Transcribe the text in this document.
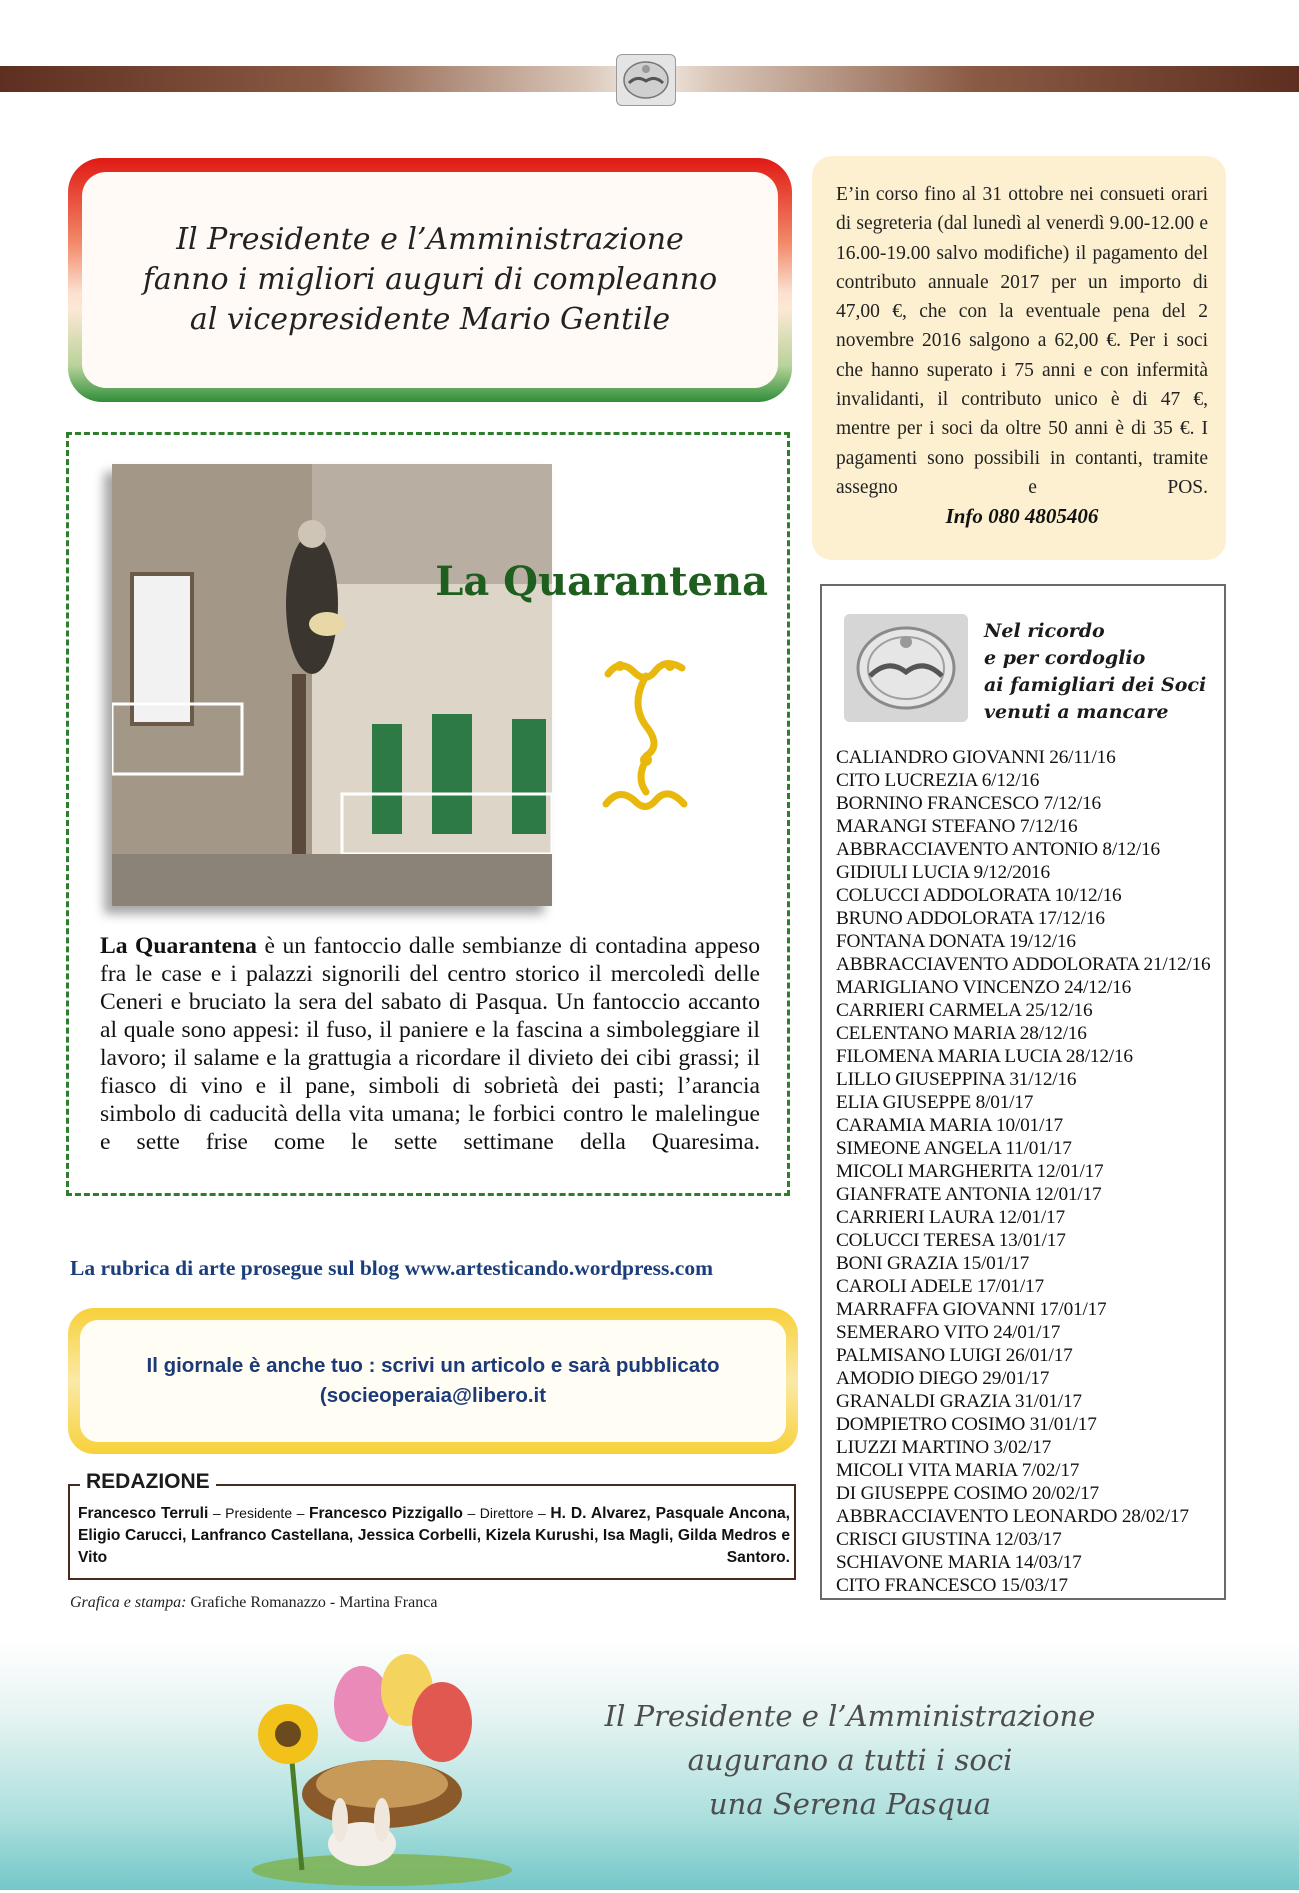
Il Presidente e l’Amministrazione
fanno i migliori auguri di compleanno
al vicepresidente Mario Gentile
E’in corso fino al 31 ottobre nei consueti orari di segreteria (dal lunedì al venerdì 9.00-12.00 e 16.00-19.00 salvo modifiche) il pagamento del contributo annuale 2017 per un importo di 47,00 €, che con la eventuale pena del 2 novembre 2016 salgono a 62,00 €. Per i soci che hanno superato i 75 anni e con infermità invalidanti, il contributo unico è di 47 €, mentre per i soci da oltre 50 anni è di 35 €. I pagamenti sono possibili in contanti, tramite assegno e POS.
Info 080 4805406
La Quarantena
La Quarantena è un fantoccio dalle sembianze di contadina appeso fra le case e i palazzi signorili del centro storico il mercoledì delle Ceneri e bruciato la sera del sabato di Pasqua. Un fantoccio accanto al quale sono appesi: il fuso, il paniere e la fascina a simboleggiare il lavoro; il salame e la grattugia a ricordare il divieto dei cibi grassi; il fiasco di vino e il pane, simboli di sobrietà dei pasti; l’arancia simbolo di caducità della vita umana; le forbici contro le malelingue e sette frise come le sette settimane della Quaresima.
La rubrica di arte prosegue sul blog www.artesticando.wordpress.com
Il giornale è anche tuo : scrivi un articolo e sarà pubblicato
(socieoperaia@libero.it
REDAZIONE
Francesco Terruli – Presidente – Francesco Pizzigallo – Direttore – H. D. Alvarez, Pasquale Ancona, Eligio Carucci, Lanfranco Castellana, Jessica Corbelli, Kizela Kurushi, Isa Magli, Gilda Medros e Vito Santoro.
Grafica e stampa: Grafiche Romanazzo - Martina Franca
Nel ricordo
e per cordoglio
ai famigliari dei Soci
venuti a mancare
CALIANDRO GIOVANNI 26/11/16
CITO LUCREZIA 6/12/16
BORNINO FRANCESCO 7/12/16
MARANGI STEFANO 7/12/16
ABBRACCIAVENTO ANTONIO 8/12/16
GIDIULI LUCIA 9/12/2016
COLUCCI ADDOLORATA 10/12/16
BRUNO ADDOLORATA 17/12/16
FONTANA DONATA 19/12/16
ABBRACCIAVENTO ADDOLORATA 21/12/16
MARIGLIANO VINCENZO 24/12/16
CARRIERI CARMELA 25/12/16
CELENTANO MARIA 28/12/16
FILOMENA MARIA LUCIA 28/12/16
LILLO GIUSEPPINA 31/12/16
ELIA GIUSEPPE 8/01/17
CARAMIA MARIA 10/01/17
SIMEONE ANGELA 11/01/17
MICOLI MARGHERITA 12/01/17
GIANFRATE ANTONIA 12/01/17
CARRIERI LAURA 12/01/17
COLUCCI TERESA 13/01/17
BONI GRAZIA 15/01/17
CAROLI ADELE 17/01/17
MARRAFFA GIOVANNI 17/01/17
SEMERARO VITO 24/01/17
PALMISANO LUIGI 26/01/17
AMODIO DIEGO 29/01/17
GRANALDI GRAZIA 31/01/17
DOMPIETRO COSIMO 31/01/17
LIUZZI MARTINO 3/02/17
MICOLI VITA MARIA 7/02/17
DI GIUSEPPE COSIMO 20/02/17
ABBRACCIAVENTO LEONARDO 28/02/17
CRISCI GIUSTINA 12/03/17
SCHIAVONE MARIA 14/03/17
CITO FRANCESCO 15/03/17
Il Presidente e l’Amministrazione
augurano a tutti i soci
una Serena Pasqua
